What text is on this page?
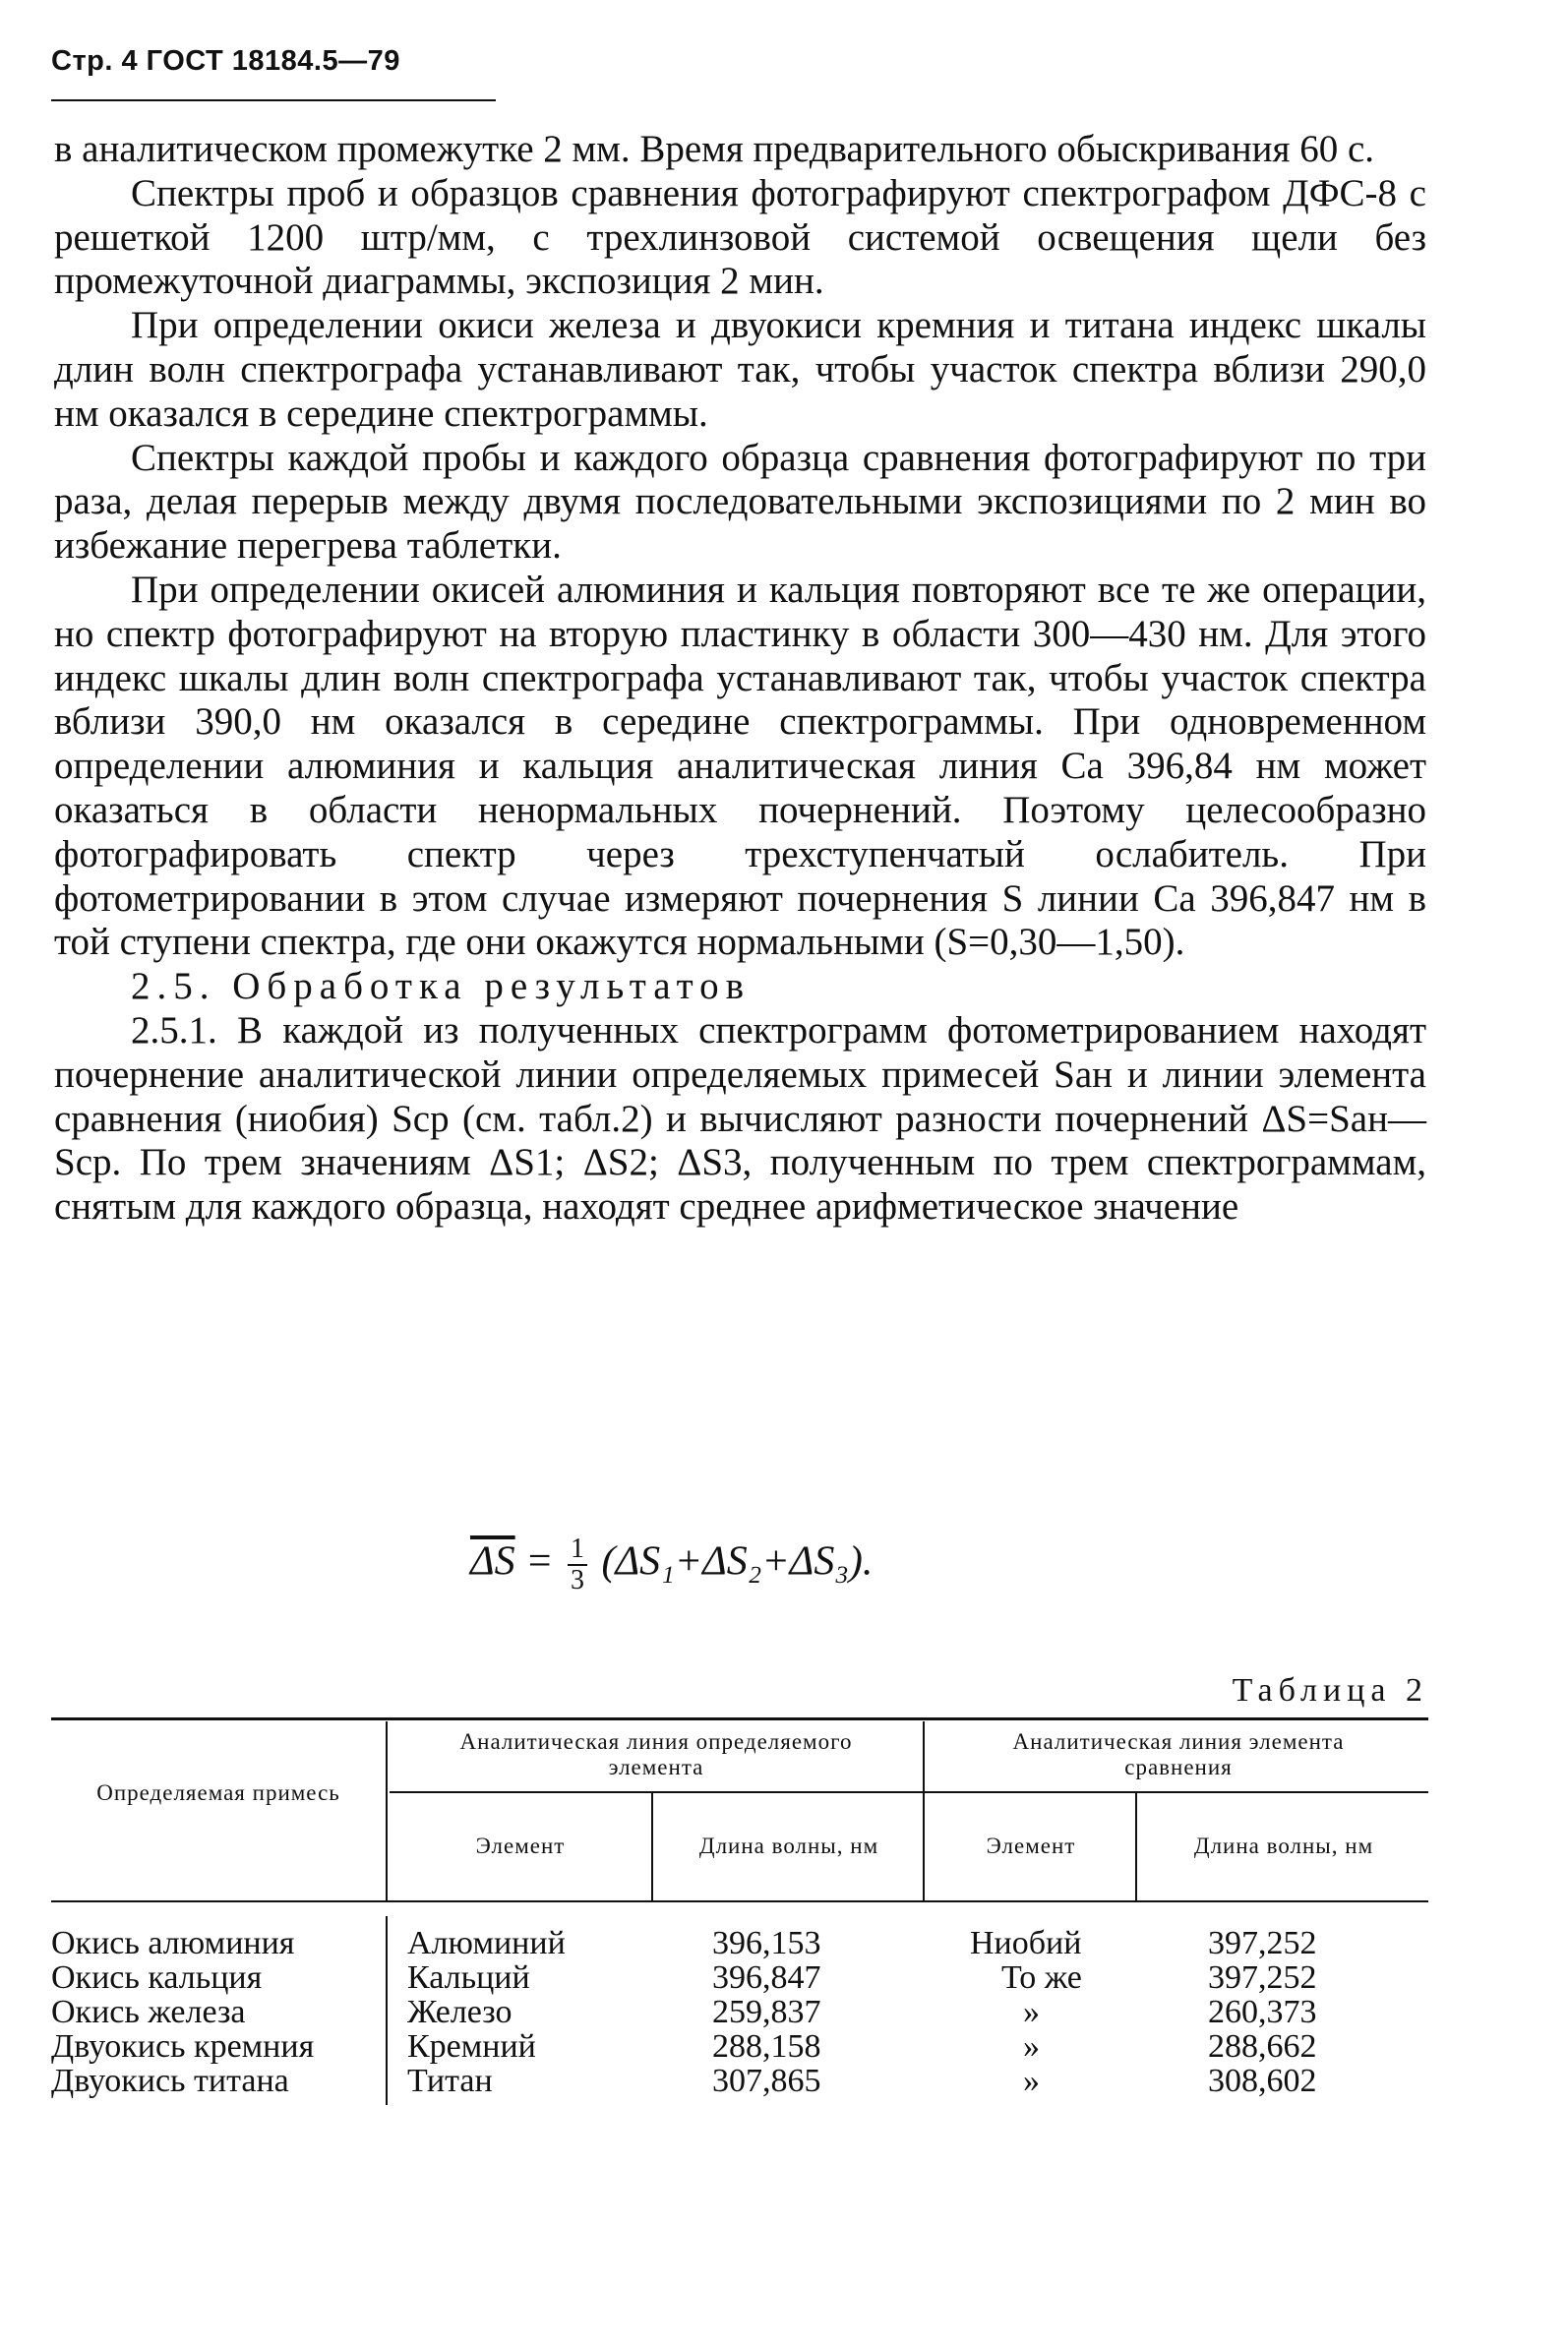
Стр. 4 ГОСТ 18184.5—79

в аналитическом промежутке 2 мм. Время предварительного обыскривания 60 с.

Спектры проб и образцов сравнения фотографируют спектрографом ДФС-8 с решеткой 1200 штр/мм, с трехлинзовой системой освещения щели без промежуточной диаграммы, экспозиция 2 мин.

При определении окиси железа и двуокиси кремния и титана индекс шкалы длин волн спектрографа устанавливают так, чтобы участок спектра вблизи 290,0 нм оказался в середине спектрограммы.

Спектры каждой пробы и каждого образца сравнения фотографируют по три раза, делая перерыв между двумя последовательными экспозициями по 2 мин во избежание перегрева таблетки.

При определении окисей алюминия и кальция повторяют все те же операции, но спектр фотографируют на вторую пластинку в области 300—430 нм. Для этого индекс шкалы длин волн спектрографа устанавливают так, чтобы участок спектра вблизи 390,0 нм оказался в середине спектрограммы. При одновременном определении алюминия и кальция аналитическая линия Ca 396,84 нм может оказаться в области ненормальных почернений. Поэтому целесообразно фотографировать спектр через трехступенчатый ослабитель. При фотометрировании в этом случае измеряют почернения S линии Ca 396,847 нм в той ступени спектра, где они окажутся нормальными (S=0,30—1,50).

2.5. Обработка результатов

2.5.1. В каждой из полученных спектрограмм фотометрированием находят почернение аналитической линии определяемых примесей Sан и линии элемента сравнения (ниобия) Sср (см. табл.2) и вычисляют разности почернений ΔS=Sан—Sср. По трем значениям ΔS1; ΔS2; ΔS3, полученным по трем спектрограммам, снятым для каждого образца, находят среднее арифметическое значение

$\overline{\Delta S} = \frac{1}{3} (\Delta S_1+\Delta S_2+\Delta S_3)$.
Таблица 2
Определяемая примесь
Аналитическая линия определяемого элемента
Аналитическая линия элемента сравнения
Элемент	Длина волны, нм	Элемент	Длина волны, нм
Окись алюминия	Алюминий	396,153	Ниобий	397,252
Окись кальция	Кальций	396,847	То же	397,252
Окись железа	Железо	259,837	»	260,373
Двуокись кремния	Кремний	288,158	»	288,662
Двуокись титана	Титан	307,865	»	308,602
